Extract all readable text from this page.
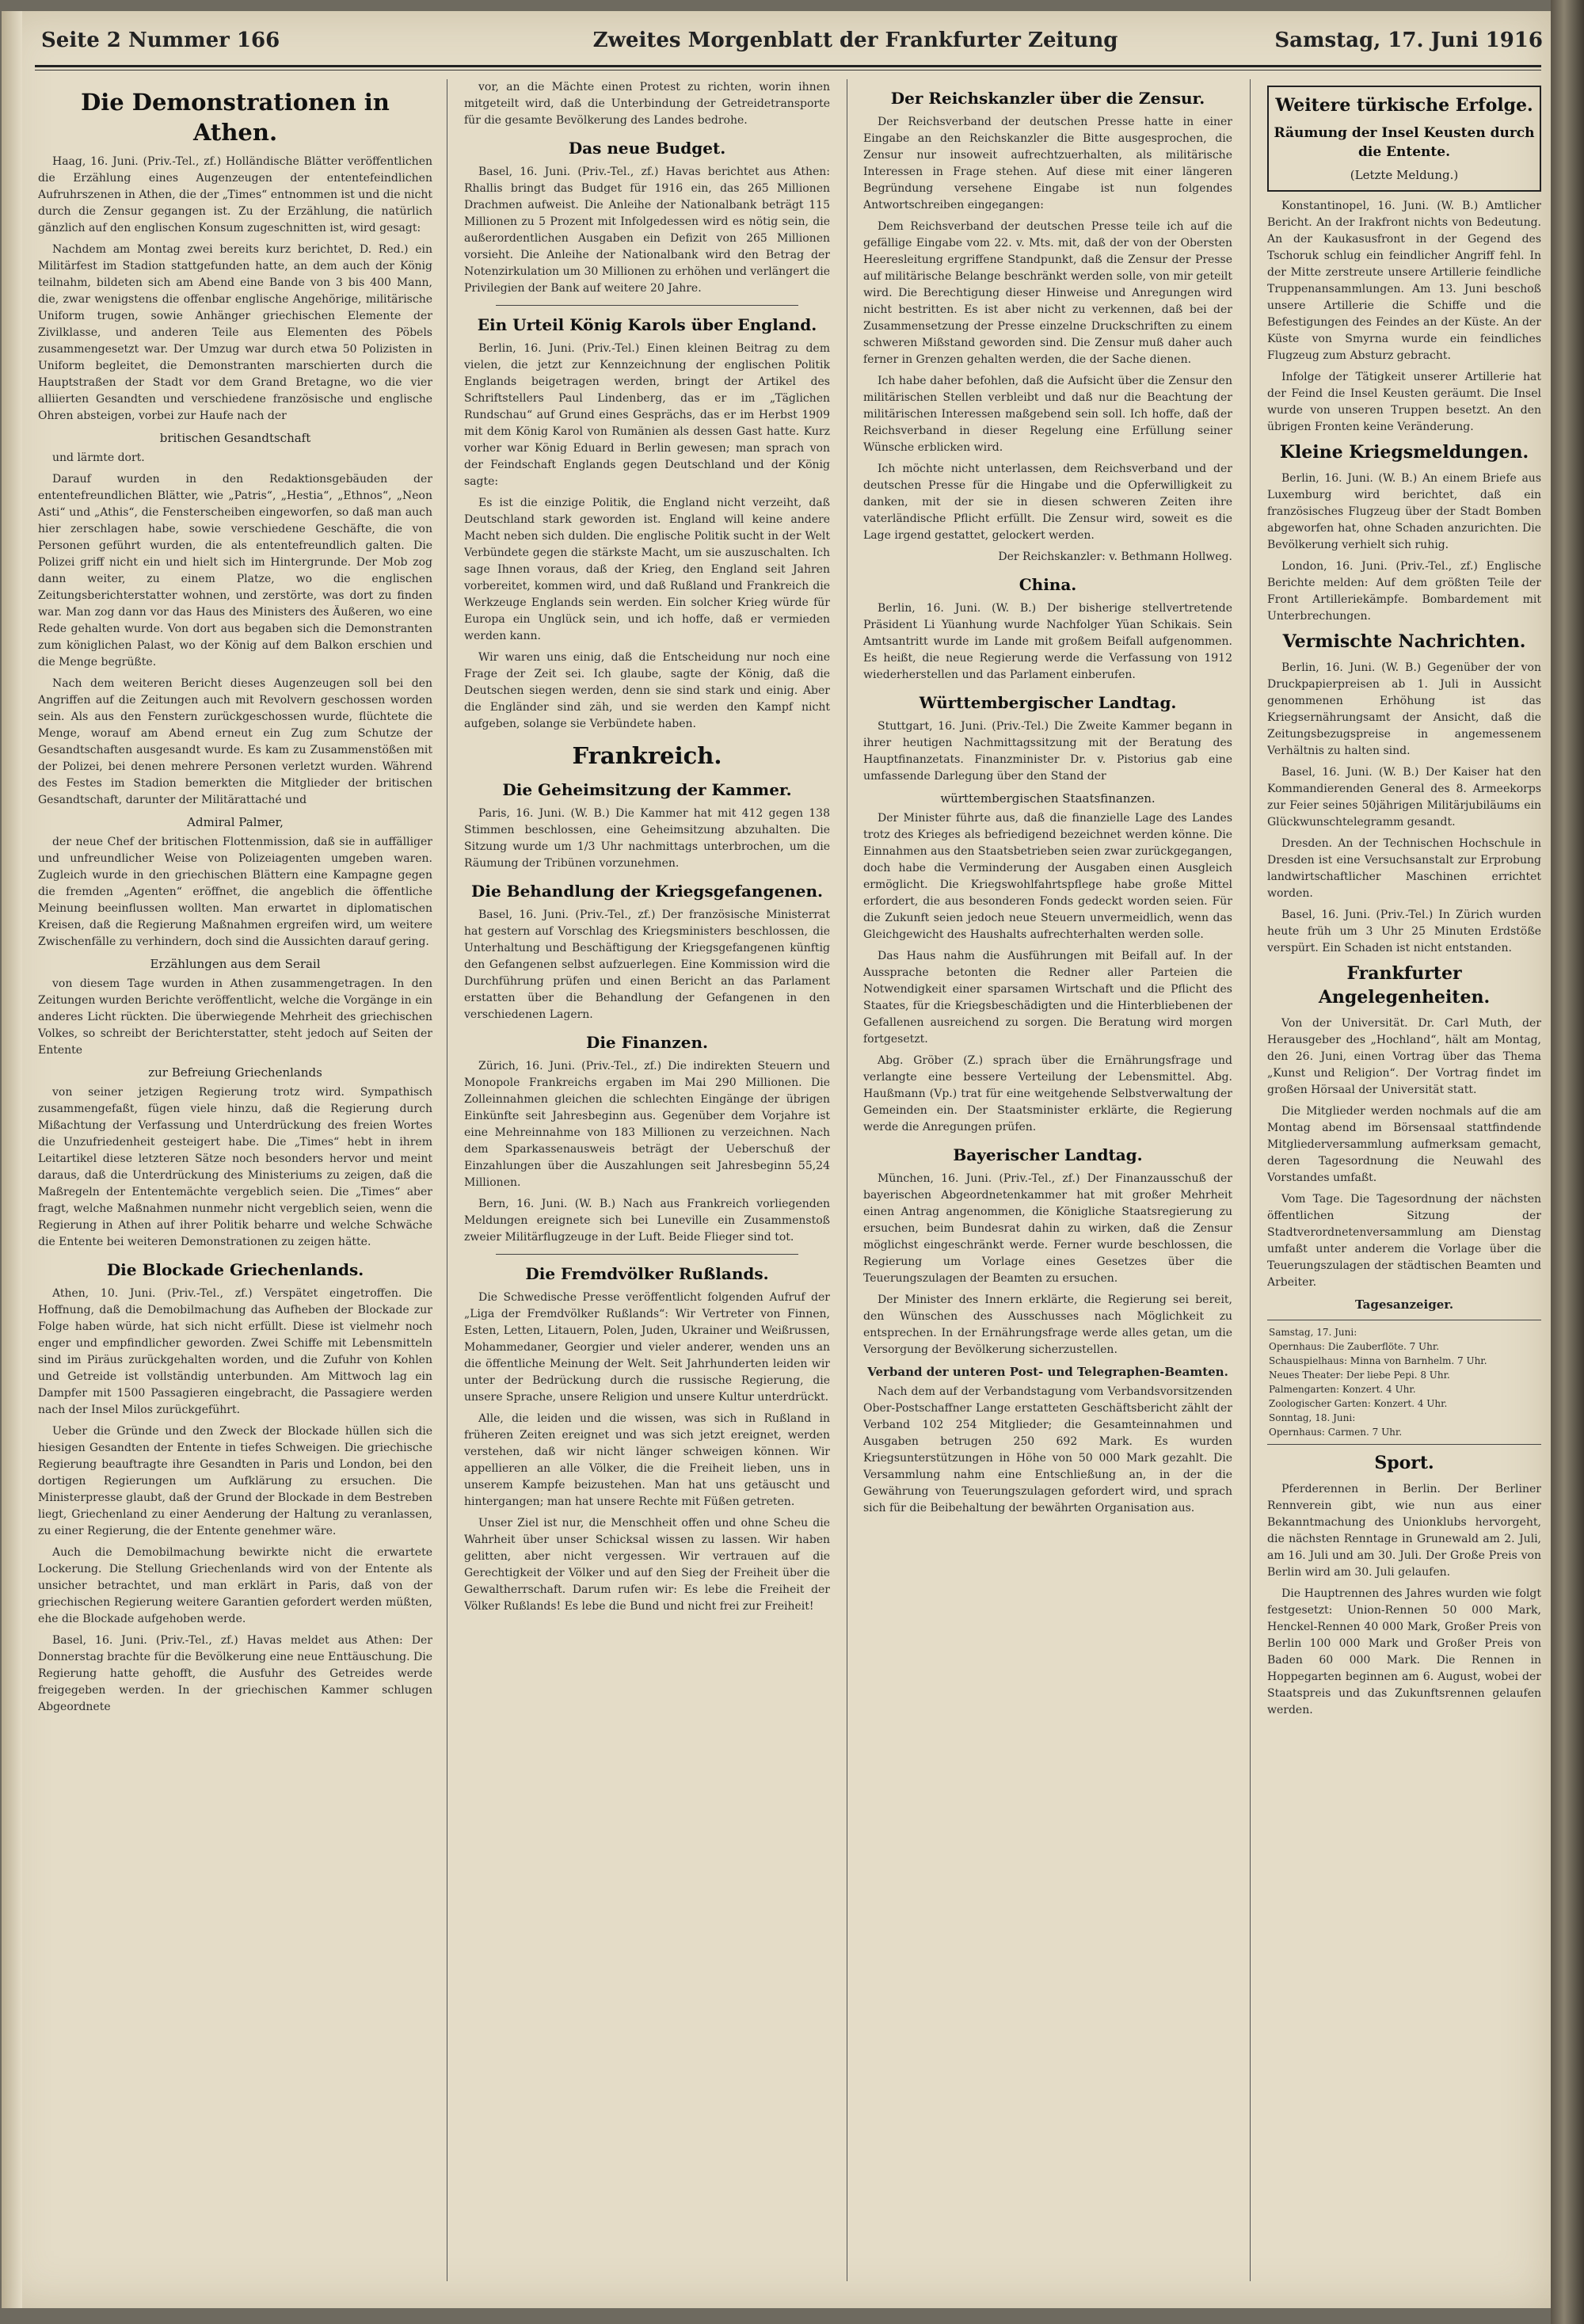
Seite 2 Nummer 166	Zweites Morgenblatt der Frankfurter Zeitung	Samstag, 17. Juni 1916
Die Demonstrationen in Athen.

Haag, 16. Juni. (Priv.-Tel., zf.) Holländische Blätter veröffentlichen die Erzählung eines Augenzeugen der ententefeindlichen Aufruhrszenen in Athen, die der „Times“ entnommen ist und die nicht durch die Zensur gegangen ist. Zu der Erzählung, die natürlich gänzlich auf den englischen Konsum zugeschnitten ist, wird gesagt:

Nachdem am Montag zwei bereits kurz berichtet, D. Red.) ein Militärfest im Stadion stattgefunden hatte, an dem auch der König teilnahm, bildeten sich am Abend eine Bande von 3 bis 400 Mann, die, zwar wenigstens die offenbar englische Angehörige, militärische Uniform trugen, sowie Anhänger griechischen Elemente der Zivilklasse, und anderen Teile aus Elementen des Pöbels zusammengesetzt war. Der Umzug war durch etwa 50 Polizisten in Uniform begleitet, die Demonstranten marschierten durch die Hauptstraßen der Stadt vor dem Grand Bretagne, wo die vier alliierten Gesandten und verschiedene französische und englische Ohren absteigen, vorbei zur Haufe nach der

britischen Gesandtschaft

und lärmte dort.

Darauf wurden in den Redaktionsgebäuden der ententefreundlichen Blätter, wie „Patris“, „Hestia“, „Ethnos“, „Neon Asti“ und „Athis“, die Fensterscheiben eingeworfen, so daß man auch hier zerschlagen habe, sowie verschiedene Geschäfte, die von Personen geführt wurden, die als ententefreundlich galten. Die Polizei griff nicht ein und hielt sich im Hintergrunde. Der Mob zog dann weiter, zu einem Platze, wo die englischen Zeitungsberichterstatter wohnen, und zerstörte, was dort zu finden war. Man zog dann vor das Haus des Ministers des Äußeren, wo eine Rede gehalten wurde. Von dort aus begaben sich die Demonstranten zum königlichen Palast, wo der König auf dem Balkon erschien und die Menge begrüßte.

Nach dem weiteren Bericht dieses Augenzeugen soll bei den Angriffen auf die Zeitungen auch mit Revolvern geschossen worden sein. Als aus den Fenstern zurückgeschossen wurde, flüchtete die Menge, worauf am Abend erneut ein Zug zum Schutze der Gesandtschaften ausgesandt wurde. Es kam zu Zusammenstößen mit der Polizei, bei denen mehrere Personen verletzt wurden. Während des Festes im Stadion bemerkten die Mitglieder der britischen Gesandtschaft, darunter der Militärattaché und

Admiral Palmer,

der neue Chef der britischen Flottenmission, daß sie in auffälliger und unfreundlicher Weise von Polizeiagenten umgeben waren. Zugleich wurde in den griechischen Blättern eine Kampagne gegen die fremden „Agenten“ eröffnet, die angeblich die öffentliche Meinung beeinflussen wollten. Man erwartet in diplomatischen Kreisen, daß die Regierung Maßnahmen ergreifen wird, um weitere Zwischenfälle zu verhindern, doch sind die Aussichten darauf gering.

Erzählungen aus dem Serail

von diesem Tage wurden in Athen zusammengetragen. In den Zeitungen wurden Berichte veröffentlicht, welche die Vorgänge in ein anderes Licht rückten. Die überwiegende Mehrheit des griechischen Volkes, so schreibt der Berichterstatter, steht jedoch auf Seiten der Entente

zur Befreiung Griechenlands

von seiner jetzigen Regierung trotz wird. Sympathisch zusammengefaßt, fügen viele hinzu, daß die Regierung durch Mißachtung der Verfassung und Unterdrückung des freien Wortes die Unzufriedenheit gesteigert habe. Die „Times“ hebt in ihrem Leitartikel diese letzteren Sätze noch besonders hervor und meint daraus, daß die Unterdrückung des Ministeriums zu zeigen, daß die Maßregeln der Ententemächte vergeblich seien. Die „Times“ aber fragt, welche Maßnahmen nunmehr nicht vergeblich seien, wenn die Regierung in Athen auf ihrer Politik beharre und welche Schwäche die Entente bei weiteren Demonstrationen zu zeigen hätte.

Die Blockade Griechenlands.

Athen, 10. Juni. (Priv.-Tel., zf.) Verspätet eingetroffen. Die Hoffnung, daß die Demobilmachung das Aufheben der Blockade zur Folge haben würde, hat sich nicht erfüllt. Diese ist vielmehr noch enger und empfindlicher geworden. Zwei Schiffe mit Lebensmitteln sind im Piräus zurückgehalten worden, und die Zufuhr von Kohlen und Getreide ist vollständig unterbunden. Am Mittwoch lag ein Dampfer mit 1500 Passagieren eingebracht, die Passagiere werden nach der Insel Milos zurückgeführt.

Ueber die Gründe und den Zweck der Blockade hüllen sich die hiesigen Gesandten der Entente in tiefes Schweigen. Die griechische Regierung beauftragte ihre Gesandten in Paris und London, bei den dortigen Regierungen um Aufklärung zu ersuchen. Die Ministerpresse glaubt, daß der Grund der Blockade in dem Bestreben liegt, Griechenland zu einer Aenderung der Haltung zu veranlassen, zu einer Regierung, die der Entente genehmer wäre.

Auch die Demobilmachung bewirkte nicht die erwartete Lockerung. Die Stellung Griechenlands wird von der Entente als unsicher betrachtet, und man erklärt in Paris, daß von der griechischen Regierung weitere Garantien gefordert werden müßten, ehe die Blockade aufgehoben werde.

Basel, 16. Juni. (Priv.-Tel., zf.) Havas meldet aus Athen: Der Donnerstag brachte für die Bevölkerung eine neue Enttäuschung. Die Regierung hatte gehofft, die Ausfuhr des Getreides werde freigegeben werden. In der griechischen Kammer schlugen Abgeordnete

vor, an die Mächte einen Protest zu richten, worin ihnen mitgeteilt wird, daß die Unterbindung der Getreidetransporte für die gesamte Bevölkerung des Landes bedrohe.

Das neue Budget.

Basel, 16. Juni. (Priv.-Tel., zf.) Havas berichtet aus Athen: Rhallis bringt das Budget für 1916 ein, das 265 Millionen Drachmen aufweist. Die Anleihe der Nationalbank beträgt 115 Millionen zu 5 Prozent mit Infolgedessen wird es nötig sein, die außerordentlichen Ausgaben ein Defizit von 265 Millionen vorsieht. Die Anleihe der Nationalbank wird den Betrag der Notenzirkulation um 30 Millionen zu erhöhen und verlängert die Privilegien der Bank auf weitere 20 Jahre.

Ein Urteil König Karols über England.

Berlin, 16. Juni. (Priv.-Tel.) Einen kleinen Beitrag zu dem vielen, die jetzt zur Kennzeichnung der englischen Politik Englands beigetragen werden, bringt der Artikel des Schriftstellers Paul Lindenberg, das er im „Täglichen Rundschau“ auf Grund eines Gesprächs, das er im Herbst 1909 mit dem König Karol von Rumänien als dessen Gast hatte. Kurz vorher war König Eduard in Berlin gewesen; man sprach von der Feindschaft Englands gegen Deutschland und der König sagte:

Es ist die einzige Politik, die England nicht verzeiht, daß Deutschland stark geworden ist. England will keine andere Macht neben sich dulden. Die englische Politik sucht in der Welt Verbündete gegen die stärkste Macht, um sie auszuschalten. Ich sage Ihnen voraus, daß der Krieg, den England seit Jahren vorbereitet, kommen wird, und daß Rußland und Frankreich die Werkzeuge Englands sein werden. Ein solcher Krieg würde für Europa ein Unglück sein, und ich hoffe, daß er vermieden werden kann.

Wir waren uns einig, daß die Entscheidung nur noch eine Frage der Zeit sei. Ich glaube, sagte der König, daß die Deutschen siegen werden, denn sie sind stark und einig. Aber die Engländer sind zäh, und sie werden den Kampf nicht aufgeben, solange sie Verbündete haben.

Frankreich.
Die Geheimsitzung der Kammer.

Paris, 16. Juni. (W. B.) Die Kammer hat mit 412 gegen 138 Stimmen beschlossen, eine Geheimsitzung abzuhalten. Die Sitzung wurde um 1/3 Uhr nachmittags unterbrochen, um die Räumung der Tribünen vorzunehmen.

Die Behandlung der Kriegsgefangenen.

Basel, 16. Juni. (Priv.-Tel., zf.) Der französische Ministerrat hat gestern auf Vorschlag des Kriegsministers beschlossen, die Unterhaltung und Beschäftigung der Kriegsgefangenen künftig den Gefangenen selbst aufzuerlegen. Eine Kommission wird die Durchführung prüfen und einen Bericht an das Parlament erstatten über die Behandlung der Gefangenen in den verschiedenen Lagern.

Die Finanzen.

Zürich, 16. Juni. (Priv.-Tel., zf.) Die indirekten Steuern und Monopole Frankreichs ergaben im Mai 290 Millionen. Die Zolleinnahmen gleichen die schlechten Eingänge der übrigen Einkünfte seit Jahresbeginn aus. Gegenüber dem Vorjahre ist eine Mehreinnahme von 183 Millionen zu verzeichnen. Nach dem Sparkassenausweis beträgt der Ueberschuß der Einzahlungen über die Auszahlungen seit Jahresbeginn 55,24 Millionen.

Bern, 16. Juni. (W. B.) Nach aus Frankreich vorliegenden Meldungen ereignete sich bei Luneville ein Zusammenstoß zweier Militärflugzeuge in der Luft. Beide Flieger sind tot.

Die Fremdvölker Rußlands.

Die Schwedische Presse veröffentlicht folgenden Aufruf der „Liga der Fremdvölker Rußlands“: Wir Vertreter von Finnen, Esten, Letten, Litauern, Polen, Juden, Ukrainer und Weißrussen, Mohammedaner, Georgier und vieler anderer, wenden uns an die öffentliche Meinung der Welt. Seit Jahrhunderten leiden wir unter der Bedrückung durch die russische Regierung, die unsere Sprache, unsere Religion und unsere Kultur unterdrückt.

Alle, die leiden und die wissen, was sich in Rußland in früheren Zeiten ereignet und was sich jetzt ereignet, werden verstehen, daß wir nicht länger schweigen können. Wir appellieren an alle Völker, die die Freiheit lieben, uns in unserem Kampfe beizustehen. Man hat uns getäuscht und hintergangen; man hat unsere Rechte mit Füßen getreten.

Unser Ziel ist nur, die Menschheit offen und ohne Scheu die Wahrheit über unser Schicksal wissen zu lassen. Wir haben gelitten, aber nicht vergessen. Wir vertrauen auf die Gerechtigkeit der Völker und auf den Sieg der Freiheit über die Gewaltherrschaft. Darum rufen wir: Es lebe die Freiheit der Völker Rußlands! Es lebe die Bund und nicht frei zur Freiheit!

Der Reichskanzler über die Zensur.

Der Reichsverband der deutschen Presse hatte in einer Eingabe an den Reichskanzler die Bitte ausgesprochen, die Zensur nur insoweit aufrechtzuerhalten, als militärische Interessen in Frage stehen. Auf diese mit einer längeren Begründung versehene Eingabe ist nun folgendes Antwortschreiben eingegangen:

Dem Reichsverband der deutschen Presse teile ich auf die gefällige Eingabe vom 22. v. Mts. mit, daß der von der Obersten Heeresleitung ergriffene Standpunkt, daß die Zensur der Presse auf militärische Belange beschränkt werden solle, von mir geteilt wird. Die Berechtigung dieser Hinweise und Anregungen wird nicht bestritten. Es ist aber nicht zu verkennen, daß bei der Zusammensetzung der Presse einzelne Druckschriften zu einem schweren Mißstand geworden sind. Die Zensur muß daher auch ferner in Grenzen gehalten werden, die der Sache dienen.

Ich habe daher befohlen, daß die Aufsicht über die Zensur den militärischen Stellen verbleibt und daß nur die Beachtung der militärischen Interessen maßgebend sein soll. Ich hoffe, daß der Reichsverband in dieser Regelung eine Erfüllung seiner Wünsche erblicken wird.

Ich möchte nicht unterlassen, dem Reichsverband und der deutschen Presse für die Hingabe und die Opferwilligkeit zu danken, mit der sie in diesen schweren Zeiten ihre vaterländische Pflicht erfüllt. Die Zensur wird, soweit es die Lage irgend gestattet, gelockert werden.

Der Reichskanzler: v. Bethmann Hollweg.

China.

Berlin, 16. Juni. (W. B.) Der bisherige stellvertretende Präsident Li Yüanhung wurde Nachfolger Yüan Schikais. Sein Amtsantritt wurde im Lande mit großem Beifall aufgenommen. Es heißt, die neue Regierung werde die Verfassung von 1912 wiederherstellen und das Parlament einberufen.

Württembergischer Landtag.

Stuttgart, 16. Juni. (Priv.-Tel.) Die Zweite Kammer begann in ihrer heutigen Nachmittagssitzung mit der Beratung des Hauptfinanzetats. Finanzminister Dr. v. Pistorius gab eine umfassende Darlegung über den Stand der

württembergischen Staatsfinanzen.

Der Minister führte aus, daß die finanzielle Lage des Landes trotz des Krieges als befriedigend bezeichnet werden könne. Die Einnahmen aus den Staatsbetrieben seien zwar zurückgegangen, doch habe die Verminderung der Ausgaben einen Ausgleich ermöglicht. Die Kriegswohlfahrtspflege habe große Mittel erfordert, die aus besonderen Fonds gedeckt worden seien. Für die Zukunft seien jedoch neue Steuern unvermeidlich, wenn das Gleichgewicht des Haushalts aufrechterhalten werden solle.

Das Haus nahm die Ausführungen mit Beifall auf. In der Aussprache betonten die Redner aller Parteien die Notwendigkeit einer sparsamen Wirtschaft und die Pflicht des Staates, für die Kriegsbeschädigten und die Hinterbliebenen der Gefallenen ausreichend zu sorgen. Die Beratung wird morgen fortgesetzt.

Abg. Gröber (Z.) sprach über die Ernährungsfrage und verlangte eine bessere Verteilung der Lebensmittel. Abg. Haußmann (Vp.) trat für eine weitgehende Selbstverwaltung der Gemeinden ein. Der Staatsminister erklärte, die Regierung werde die Anregungen prüfen.

Bayerischer Landtag.

München, 16. Juni. (Priv.-Tel., zf.) Der Finanzausschuß der bayerischen Abgeordnetenkammer hat mit großer Mehrheit einen Antrag angenommen, die Königliche Staatsregierung zu ersuchen, beim Bundesrat dahin zu wirken, daß die Zensur möglichst eingeschränkt werde. Ferner wurde beschlossen, die Regierung um Vorlage eines Gesetzes über die Teuerungszulagen der Beamten zu ersuchen.

Der Minister des Innern erklärte, die Regierung sei bereit, den Wünschen des Ausschusses nach Möglichkeit zu entsprechen. In der Ernährungsfrage werde alles getan, um die Versorgung der Bevölkerung sicherzustellen.

Verband der unteren Post- und Telegraphen-Beamten.

Nach dem auf der Verbandstagung vom Verbandsvorsitzenden Ober-Postschaffner Lange erstatteten Geschäftsbericht zählt der Verband 102 254 Mitglieder; die Gesamteinnahmen und Ausgaben betrugen 250 692 Mark. Es wurden Kriegsunterstützungen in Höhe von 50 000 Mark gezahlt. Die Versammlung nahm eine Entschließung an, in der die Gewährung von Teuerungszulagen gefordert wird, und sprach sich für die Beibehaltung der bewährten Organisation aus.

Weitere türkische Erfolge.
Räumung der Insel Keusten durch die Entente.
(Letzte Meldung.)

Konstantinopel, 16. Juni. (W. B.) Amtlicher Bericht. An der Irakfront nichts von Bedeutung. An der Kaukasusfront in der Gegend des Tschoruk schlug ein feindlicher Angriff fehl. In der Mitte zerstreute unsere Artillerie feindliche Truppenansammlungen. Am 13. Juni beschoß unsere Artillerie die Schiffe und die Befestigungen des Feindes an der Küste. An der Küste von Smyrna wurde ein feindliches Flugzeug zum Absturz gebracht.

Infolge der Tätigkeit unserer Artillerie hat der Feind die Insel Keusten geräumt. Die Insel wurde von unseren Truppen besetzt. An den übrigen Fronten keine Veränderung.

Kleine Kriegsmeldungen.

Berlin, 16. Juni. (W. B.) An einem Briefe aus Luxemburg wird berichtet, daß ein französisches Flugzeug über der Stadt Bomben abgeworfen hat, ohne Schaden anzurichten. Die Bevölkerung verhielt sich ruhig.

London, 16. Juni. (Priv.-Tel., zf.) Englische Berichte melden: Auf dem größten Teile der Front Artilleriekämpfe. Bombardement mit Unterbrechungen.

Vermischte Nachrichten.

Berlin, 16. Juni. (W. B.) Gegenüber der von Druckpapierpreisen ab 1. Juli in Aussicht genommenen Erhöhung ist das Kriegsernährungsamt der Ansicht, daß die Zeitungsbezugspreise in angemessenem Verhältnis zu halten sind.

Basel, 16. Juni. (W. B.) Der Kaiser hat den Kommandierenden General des 8. Armeekorps zur Feier seines 50jährigen Militärjubiläums ein Glückwunschtelegramm gesandt.

Dresden. An der Technischen Hochschule in Dresden ist eine Versuchsanstalt zur Erprobung landwirtschaftlicher Maschinen errichtet worden.

Basel, 16. Juni. (Priv.-Tel.) In Zürich wurden heute früh um 3 Uhr 25 Minuten Erdstöße verspürt. Ein Schaden ist nicht entstanden.

Frankfurter Angelegenheiten.

Von der Universität. Dr. Carl Muth, der Herausgeber des „Hochland“, hält am Montag, den 26. Juni, einen Vortrag über das Thema „Kunst und Religion“. Der Vortrag findet im großen Hörsaal der Universität statt.

Die Mitglieder werden nochmals auf die am Montag abend im Börsensaal stattfindende Mitgliederversammlung aufmerksam gemacht, deren Tagesordnung die Neuwahl des Vorstandes umfaßt.

Vom Tage. Die Tagesordnung der nächsten öffentlichen Sitzung der Stadtverordnetenversammlung am Dienstag umfaßt unter anderem die Vorlage über die Teuerungszulagen der städtischen Beamten und Arbeiter.

Tagesanzeiger.
Samstag, 17. Juni:
Opernhaus: Die Zauberflöte. 7 Uhr.
Schauspielhaus: Minna von Barnhelm. 7 Uhr.
Neues Theater: Der liebe Pepi. 8 Uhr.
Palmengarten: Konzert. 4 Uhr.
Zoologischer Garten: Konzert. 4 Uhr.
Sonntag, 18. Juni:
Opernhaus: Carmen. 7 Uhr.
Sport.

Pferderennen in Berlin. Der Berliner Rennverein gibt, wie nun aus einer Bekanntmachung des Unionklubs hervorgeht, die nächsten Renntage in Grunewald am 2. Juli, am 16. Juli und am 30. Juli. Der Große Preis von Berlin wird am 30. Juli gelaufen.

Die Hauptrennen des Jahres wurden wie folgt festgesetzt: Union-Rennen 50 000 Mark, Henckel-Rennen 40 000 Mark, Großer Preis von Berlin 100 000 Mark und Großer Preis von Baden 60 000 Mark. Die Rennen in Hoppegarten beginnen am 6. August, wobei der Staatspreis und das Zukunftsrennen gelaufen werden.
